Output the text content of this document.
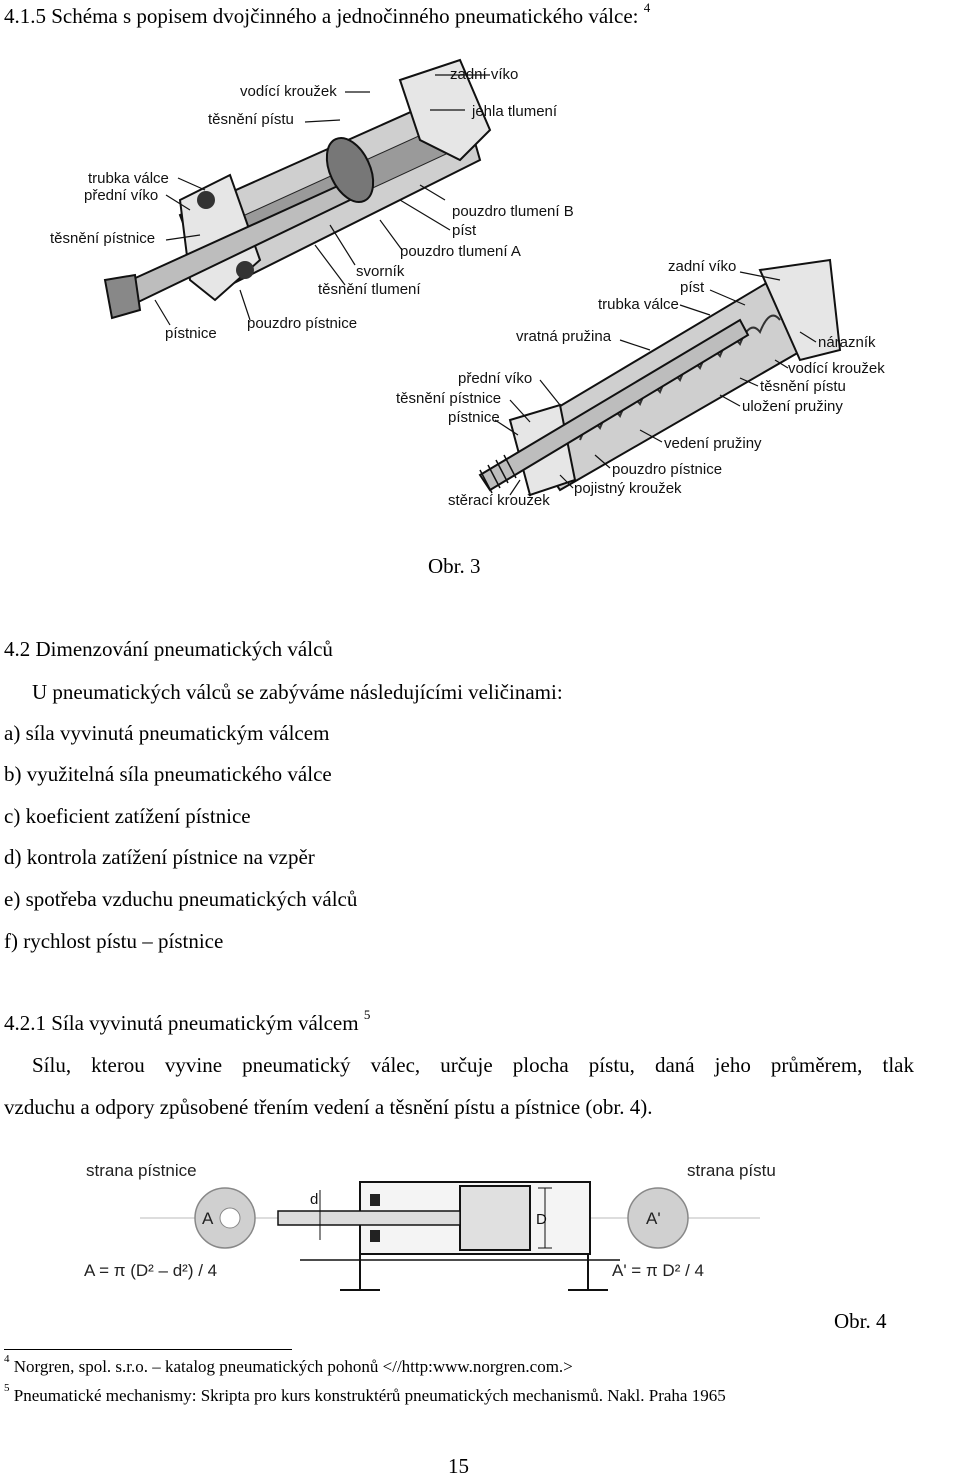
4.1.5 Schéma s popisem dvojčinného a jednočinného pneumatického válce: $^4$
zadní víko
vodící kroužek
jehla tlumení
těsnění pístu
trubka válce
přední víko
těsnění pístnice
pouzdro tlumení B
píst
pouzdro tlumení A
svorník
těsnění tlumení
pístnice
pouzdro pístnice
zadní víko
píst
trubka válce
vratná pružina	nárazník
vodící kroužek
přední víko	těsnění pístu
těsnění pístnice	uložení pružiny
pístnice
vedení pružiny
pouzdro pístnice
pojistný kroužek
stěrací kroužek
Obr. 3
4.2 Dimenzování pneumatických válců
U pneumatických válců se zabýváme následujícími veličinami:
a) síla vyvinutá pneumatickým válcem
b) využitelná síla pneumatického válce
c) koeficient zatížení pístnice
d) kontrola zatížení pístnice na vzpěr
e) spotřeba vzduchu pneumatických válců
f) rychlost pístu – pístnice
4.2.1 Síla vyvinutá pneumatickým válcem $^5$
Sílu, kterou vyvine pneumatický válec, určuje plocha pístu, daná jeho průměrem, tlak
vzduchu a odpory způsobené třením vedení a těsnění pístu a pístnice (obr. 4).
strana pístnice	strana pístu
A	A'
D
d
A = π (D² – d²) / 4	A' = π D² / 4
Obr. 4
$^4$ Norgren, spol. s.r.o. – katalog pneumatických pohonů <//http:www.norgren.com.>
$^5$ Pneumatické mechanismy: Skripta pro kurs konstruktérů pneumatických mechanismů. Nakl. Praha 1965
15
